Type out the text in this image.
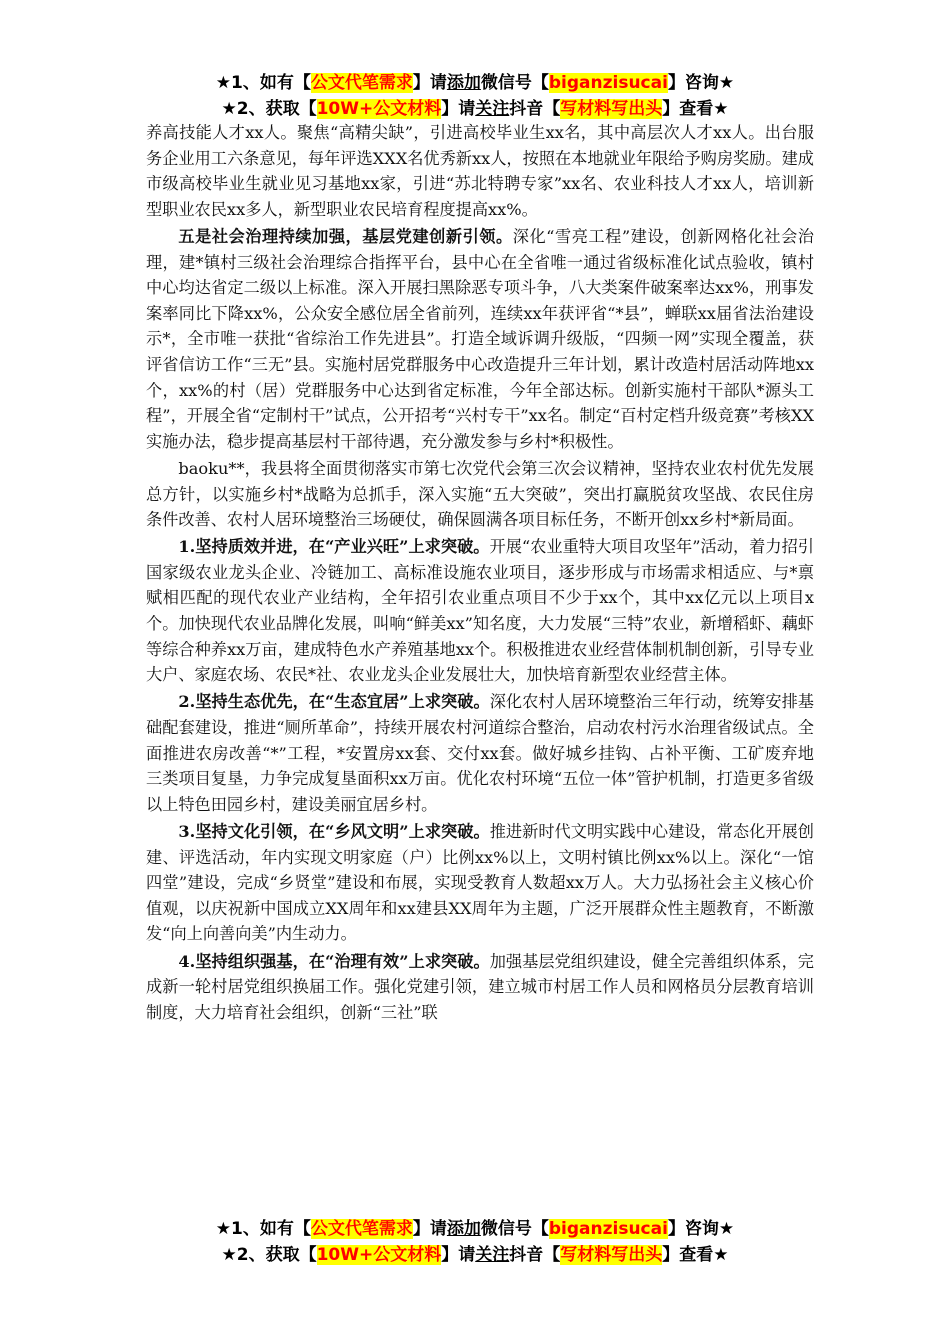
★1、如有【公文代笔需求】请添加微信号【biganzisucai】咨询★
★2、获取【10W+公文材料】请关注抖音【写材料写出头】查看★

养高技能人才xx人。聚焦“高精尖缺”，引进高校毕业生xx名，其中高层次人才xx人。出台服务企业用工六条意见，每年评选XXX名优秀新xx人，按照在本地就业年限给予购房奖励。建成市级高校毕业生就业见习基地xx家，引进“苏北特聘专家”xx名、农业科技人才xx人，培训新型职业农民xx多人，新型职业农民培育程度提高xx%。

五是社会治理持续加强，基层党建创新引领。深化“雪亮工程”建设，创新网格化社会治理，建*镇村三级社会治理综合指挥平台，县中心在全省唯一通过省级标准化试点验收，镇村中心均达省定二级以上标准。深入开展扫黑除恶专项斗争，八大类案件破案率达xx%，刑事发案率同比下降xx%，公众安全感位居全省前列，连续xx年获评省“*县”，蝉联xx届省法治建设示*，全市唯一获批“省综治工作先进县”。打造全域诉调升级版，“四频一网”实现全覆盖，获评省信访工作“三无”县。实施村居党群服务中心改造提升三年计划，累计改造村居活动阵地xx个，xx%的村（居）党群服务中心达到省定标准，今年全部达标。创新实施村干部队*源头工程”，开展全省“定制村干”试点，公开招考“兴村专干”xx名。制定“百村定档升级竞赛”考核XX实施办法，稳步提高基层村干部待遇，充分激发参与乡村*积极性。

baoku**，我县将全面贯彻落实市第七次党代会第三次会议精神，坚持农业农村优先发展总方针，以实施乡村*战略为总抓手，深入实施“五大突破”，突出打赢脱贫攻坚战、农民住房条件改善、农村人居环境整治三场硬仗，确保圆满各项目标任务，不断开创xx乡村*新局面。

1.坚持质效并进，在“产业兴旺”上求突破。开展“农业重特大项目攻坚年”活动，着力招引国家级农业龙头企业、冷链加工、高标准设施农业项目，逐步形成与市场需求相适应、与*禀赋相匹配的现代农业产业结构，全年招引农业重点项目不少于xx个，其中xx亿元以上项目x个。加快现代农业品牌化发展，叫响“鲜美xx”知名度，大力发展“三特”农业，新增稻虾、藕虾等综合种养xx万亩，建成特色水产养殖基地xx个。积极推进农业经营体制机制创新，引导专业大户、家庭农场、农民*社、农业龙头企业发展壮大，加快培育新型农业经营主体。

2.坚持生态优先，在“生态宜居”上求突破。深化农村人居环境整治三年行动，统筹安排基础配套建设，推进“厕所革命”，持续开展农村河道综合整治，启动农村污水治理省级试点。全面推进农房改善“*”工程，*安置房xx套、交付xx套。做好城乡挂钩、占补平衡、工矿废弃地三类项目复垦，力争完成复垦面积xx万亩。优化农村环境“五位一体”管护机制，打造更多省级以上特色田园乡村，建设美丽宜居乡村。

3.坚持文化引领，在“乡风文明”上求突破。推进新时代文明实践中心建设，常态化开展创建、评选活动，年内实现文明家庭（户）比例xx%以上，文明村镇比例xx%以上。深化“一馆四堂”建设，完成“乡贤堂”建设和布展，实现受教育人数超xx万人。大力弘扬社会主义核心价值观，以庆祝新中国成立XX周年和xx建县XX周年为主题，广泛开展群众性主题教育，不断激发“向上向善向美”内生动力。

4.坚持组织强基，在“治理有效”上求突破。加强基层党组织建设，健全完善组织体系，完成新一轮村居党组织换届工作。强化党建引领，建立城市村居工作人员和网格员分层教育培训制度，大力培育社会组织，创新“三社”联

★1、如有【公文代笔需求】请添加微信号【biganzisucai】咨询★
★2、获取【10W+公文材料】请关注抖音【写材料写出头】查看★
